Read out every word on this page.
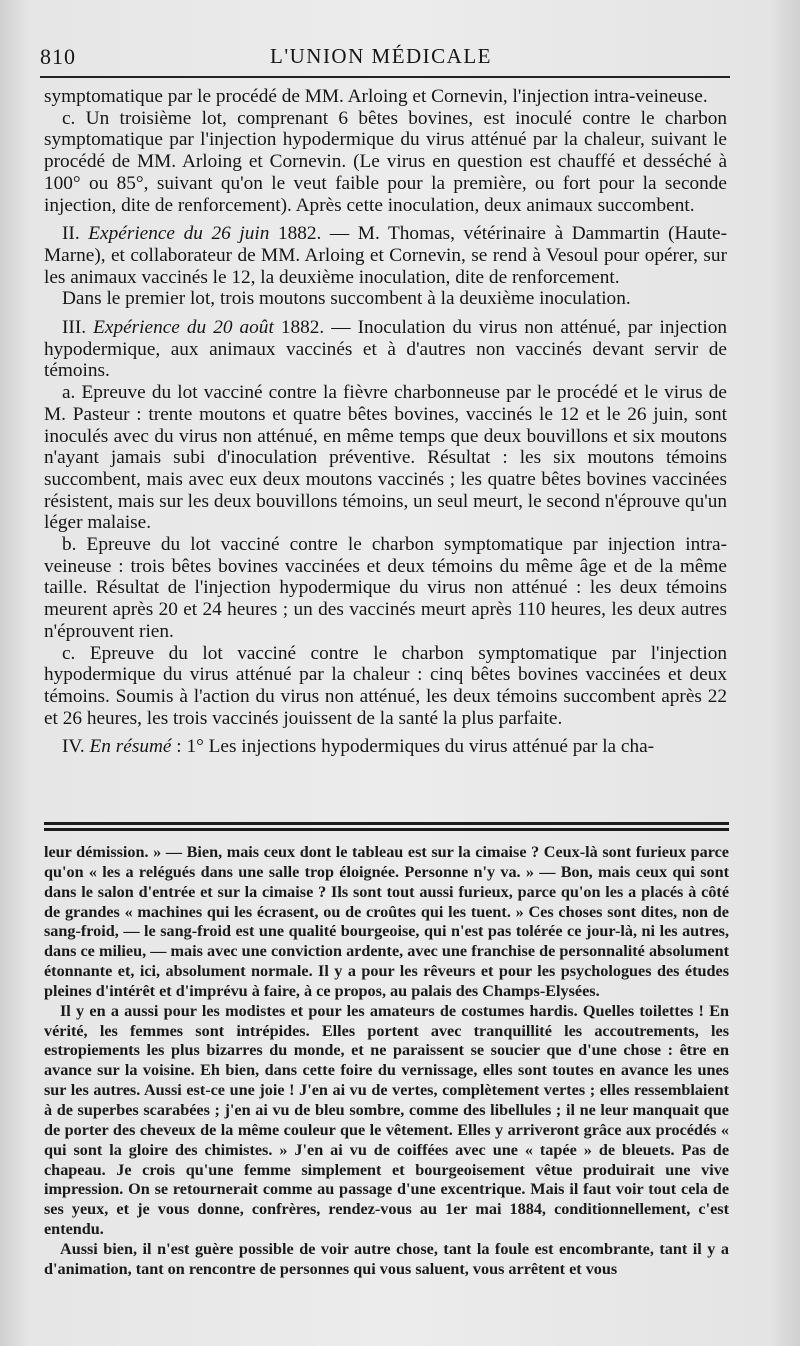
810	L'UNION MÉDICALE

symptomatique par le procédé de MM. Arloing et Cornevin, l'injection intra-veineuse.

c. Un troisième lot, comprenant 6 bêtes bovines, est inoculé contre le charbon symptomatique par l'injection hypodermique du virus atténué par la chaleur, suivant le procédé de MM. Arloing et Cornevin. (Le virus en question est chauffé et desséché à 100° ou 85°, suivant qu'on le veut faible pour la première, ou fort pour la seconde injection, dite de renforcement). Après cette inoculation, deux animaux succombent.

II. Expérience du 26 juin 1882. — M. Thomas, vétérinaire à Dammartin (Haute-Marne), et collaborateur de MM. Arloing et Cornevin, se rend à Vesoul pour opérer, sur les animaux vaccinés le 12, la deuxième inoculation, dite de renforcement.

Dans le premier lot, trois moutons succombent à la deuxième inoculation.

III. Expérience du 20 août 1882. — Inoculation du virus non atténué, par injection hypodermique, aux animaux vaccinés et à d'autres non vaccinés devant servir de témoins.

a. Epreuve du lot vacciné contre la fièvre charbonneuse par le procédé et le virus de M. Pasteur : trente moutons et quatre bêtes bovines, vaccinés le 12 et le 26 juin, sont inoculés avec du virus non atténué, en même temps que deux bouvillons et six moutons n'ayant jamais subi d'inoculation préventive. Résultat : les six moutons témoins succombent, mais avec eux deux moutons vaccinés ; les quatre bêtes bovines vaccinées résistent, mais sur les deux bouvillons témoins, un seul meurt, le second n'éprouve qu'un léger malaise.

b. Epreuve du lot vacciné contre le charbon symptomatique par injection intra-veineuse : trois bêtes bovines vaccinées et deux témoins du même âge et de la même taille. Résultat de l'injection hypodermique du virus non atténué : les deux témoins meurent après 20 et 24 heures ; un des vaccinés meurt après 110 heures, les deux autres n'éprouvent rien.

c. Epreuve du lot vacciné contre le charbon symptomatique par l'injection hypodermique du virus atténué par la chaleur : cinq bêtes bovines vaccinées et deux témoins. Soumis à l'action du virus non atténué, les deux témoins succombent après 22 et 26 heures, les trois vaccinés jouissent de la santé la plus parfaite.

IV. En résumé : 1° Les injections hypodermiques du virus atténué par la cha-

leur démission. » — Bien, mais ceux dont le tableau est sur la cimaise ? Ceux-là sont furieux parce qu'on « les a relégués dans une salle trop éloignée. Personne n'y va. » — Bon, mais ceux qui sont dans le salon d'entrée et sur la cimaise ? Ils sont tout aussi furieux, parce qu'on les a placés à côté de grandes « machines qui les écrasent, ou de croûtes qui les tuent. » Ces choses sont dites, non de sang-froid, — le sang-froid est une qualité bourgeoise, qui n'est pas tolérée ce jour-là, ni les autres, dans ce milieu, — mais avec une conviction ardente, avec une franchise de personnalité absolument étonnante et, ici, absolument normale. Il y a pour les rêveurs et pour les psychologues des études pleines d'intérêt et d'imprévu à faire, à ce propos, au palais des Champs-Elysées.

Il y en a aussi pour les modistes et pour les amateurs de costumes hardis. Quelles toilettes ! En vérité, les femmes sont intrépides. Elles portent avec tranquillité les accoutrements, les estropiements les plus bizarres du monde, et ne paraissent se soucier que d'une chose : être en avance sur la voisine. Eh bien, dans cette foire du vernissage, elles sont toutes en avance les unes sur les autres. Aussi est-ce une joie ! J'en ai vu de vertes, complètement vertes ; elles ressemblaient à de superbes scarabées ; j'en ai vu de bleu sombre, comme des libellules ; il ne leur manquait que de porter des cheveux de la même couleur que le vêtement. Elles y arriveront grâce aux procédés « qui sont la gloire des chimistes. » J'en ai vu de coiffées avec une « tapée » de bleuets. Pas de chapeau. Je crois qu'une femme simplement et bourgeoisement vêtue produirait une vive impression. On se retournerait comme au passage d'une excentrique. Mais il faut voir tout cela de ses yeux, et je vous donne, confrères, rendez-vous au 1er mai 1884, conditionnellement, c'est entendu.

Aussi bien, il n'est guère possible de voir autre chose, tant la foule est encombrante, tant il y a d'animation, tant on rencontre de personnes qui vous saluent, vous arrêtent et vous
